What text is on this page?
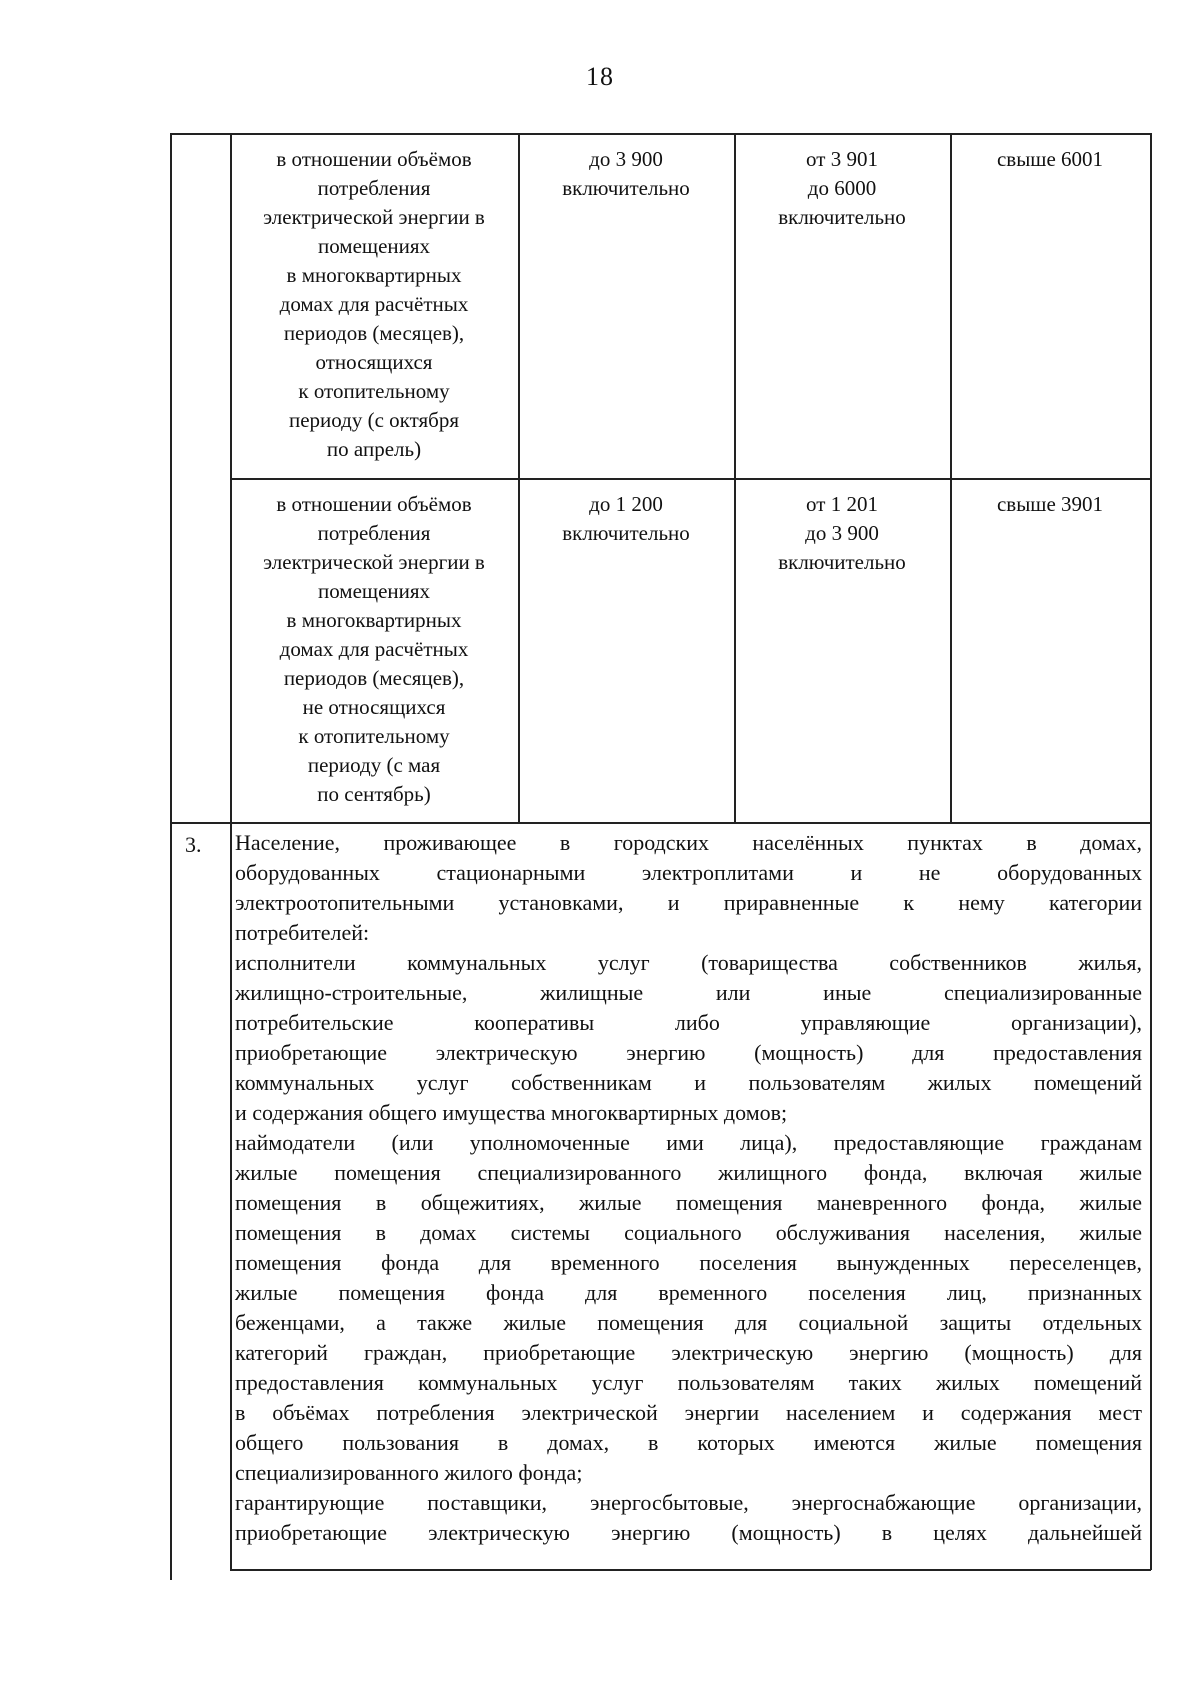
18
в отношении объёмов
потребления
электрической энергии в
помещениях
в многоквартирных
домах для расчётных
периодов (месяцев),
относящихся
к отопительному
периоду (с октября
по апрель)
до 3 900
включительно
от 3 901
до 6000
включительно
свыше 6001
в отношении объёмов
потребления
электрической энергии в
помещениях
в многоквартирных
домах для расчётных
периодов (месяцев),
не относящихся
к отопительному
периоду (с мая
по сентябрь)
до 1 200
включительно
от 1 201
до 3 900
включительно
свыше 3901
3. Население, проживающее в городских населённых пунктах в домах,
оборудованных стационарными электроплитами и не оборудованных
электроотопительными установками, и приравненные к нему категории
потребителей:
исполнители коммунальных услуг (товарищества собственников жилья,
жилищно-строительные, жилищные или иные специализированные
потребительские кооперативы либо управляющие организации),
приобретающие электрическую энергию (мощность) для предоставления
коммунальных услуг собственникам и пользователям жилых помещений
и содержания общего имущества многоквартирных домов;
наймодатели (или уполномоченные ими лица), предоставляющие гражданам
жилые помещения специализированного жилищного фонда, включая жилые
помещения в общежитиях, жилые помещения маневренного фонда, жилые
помещения в домах системы социального обслуживания населения, жилые
помещения фонда для временного поселения вынужденных переселенцев,
жилые помещения фонда для временного поселения лиц, признанных
беженцами, а также жилые помещения для социальной защиты отдельных
категорий граждан, приобретающие электрическую энергию (мощность) для
предоставления коммунальных услуг пользователям таких жилых помещений
в объёмах потребления электрической энергии населением и содержания мест
общего пользования в домах, в которых имеются жилые помещения
специализированного жилого фонда;
гарантирующие поставщики, энергосбытовые, энергоснабжающие организации,
приобретающие электрическую энергию (мощность) в целях дальнейшей
